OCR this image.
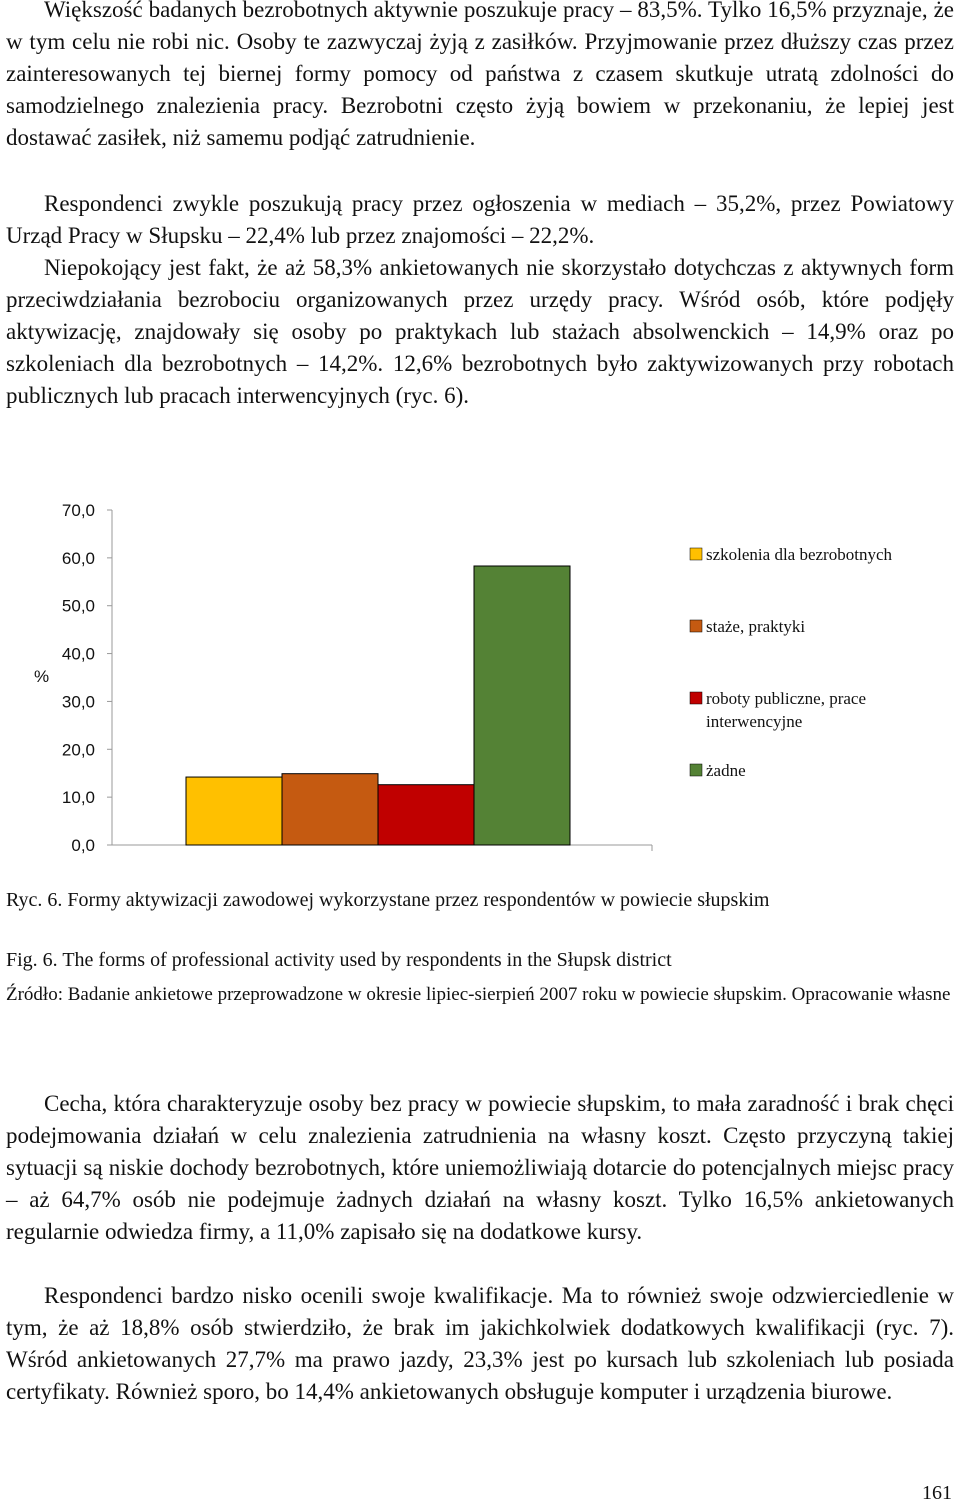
Większość badanych bezrobotnych aktywnie poszukuje pracy – 83,5%. Tylko 16,5% przyznaje, że w tym celu nie robi nic. Osoby te zazwyczaj żyją z zasiłków. Przyjmowanie przez dłuższy czas przez zainteresowanych tej biernej formy pomocy od państwa z czasem skutkuje utratą zdolności do samodzielnego znalezienia pracy. Bezrobotni często żyją bowiem w przekonaniu, że lepiej jest dostawać zasiłek, niż samemu podjąć zatrudnienie.

Respondenci zwykle poszukują pracy przez ogłoszenia w mediach – 35,2%, przez Powiatowy Urząd Pracy w Słupsku – 22,4% lub przez znajomości – 22,2%.

Niepokojący jest fakt, że aż 58,3% ankietowanych nie skorzystało dotychczas z aktywnych form przeciwdziałania bezrobociu organizowanych przez urzędy pracy. Wśród osób, które podjęły aktywizację, znajdowały się osoby po praktykach lub stażach absolwenckich – 14,9% oraz po szkoleniach dla bezrobotnych – 14,2%. 12,6% bezrobotnych było zaktywizowanych przy robotach publicznych lub pracach interwencyjnych (ryc. 6).

0,0
10,0
20,0
30,0
40,0
50,0
60,0
70,0
%
szkolenia dla bezrobotnych
staże, praktyki
roboty publiczne, prace
interwencyjne
żadne

Ryc. 6. Formy aktywizacji zawodowej wykorzystane przez respondentów w powiecie słupskim

Fig. 6. The forms of professional activity used by respondents in the Słupsk district

Źródło: Badanie ankietowe przeprowadzone w okresie lipiec-sierpień 2007 roku w powiecie słupskim. Opracowanie własne

Cecha, która charakteryzuje osoby bez pracy w powiecie słupskim, to mała zaradność i brak chęci podejmowania działań w celu znalezienia zatrudnienia na własny koszt. Często przyczyną takiej sytuacji są niskie dochody bezrobotnych, które uniemożliwiają dotarcie do potencjalnych miejsc pracy – aż 64,7% osób nie podejmuje żadnych działań na własny koszt. Tylko 16,5% ankietowanych regularnie odwiedza firmy, a 11,0% zapisało się na dodatkowe kursy.

Respondenci bardzo nisko ocenili swoje kwalifikacje. Ma to również swoje odzwierciedlenie w tym, że aż 18,8% osób stwierdziło, że brak im jakichkolwiek dodatkowych kwalifikacji (ryc. 7). Wśród ankietowanych 27,7% ma prawo jazdy, 23,3% jest po kursach lub szkoleniach lub posiada certyfikaty. Również sporo, bo 14,4% ankietowanych obsługuje komputer i urządzenia biurowe.

161
